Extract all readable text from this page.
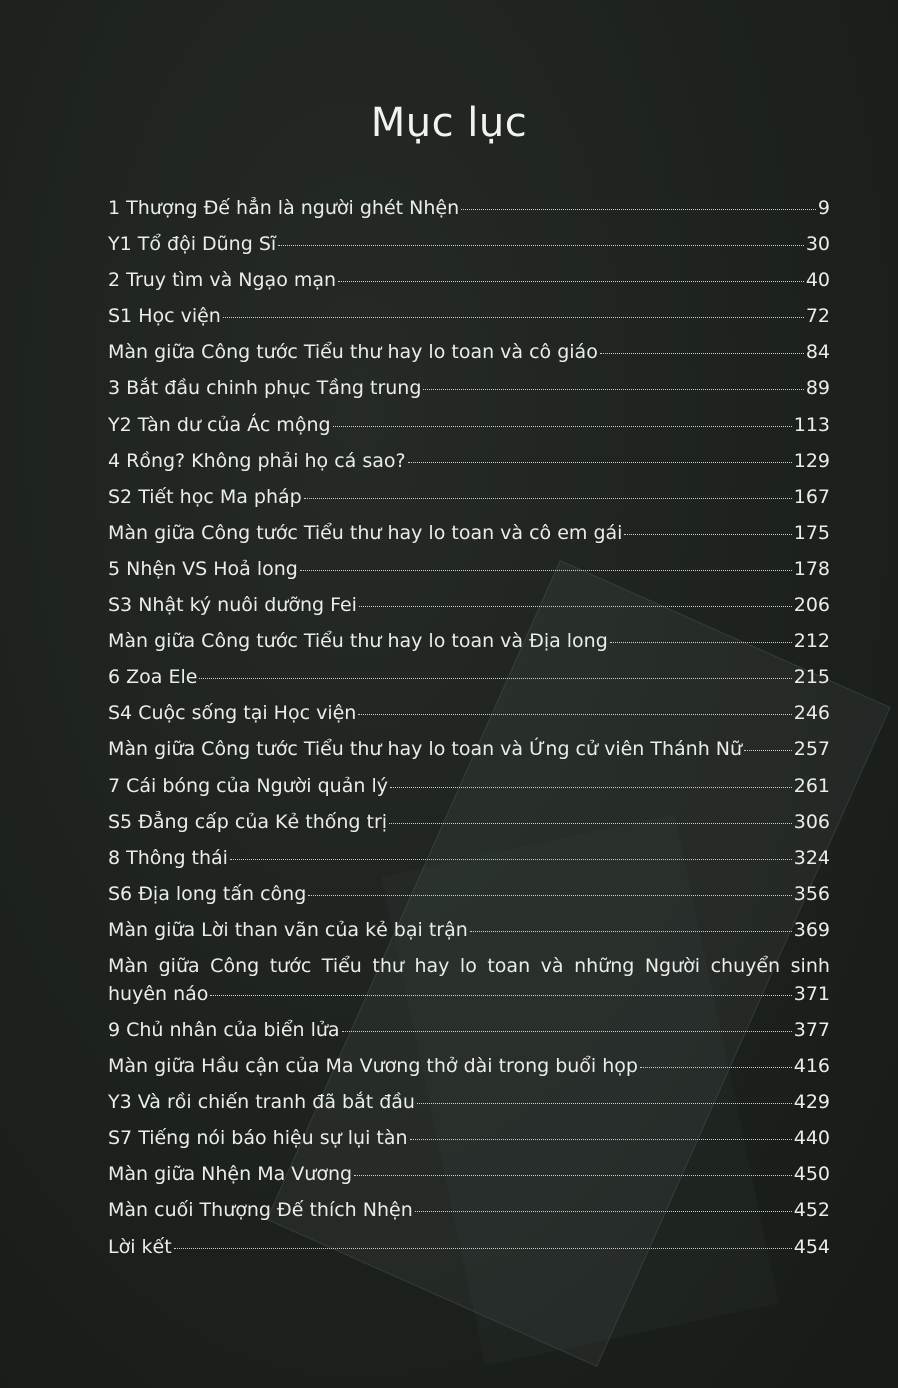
Mục lục
1 Thượng Đế hẳn là người ghét Nhện	9
Y1 Tổ đội Dũng Sĩ	30
2 Truy tìm và Ngạo mạn	40
S1 Học viện	72
Màn giữa Công tước Tiểu thư hay lo toan và cô giáo	84
3 Bắt đầu chinh phục Tầng trung	89
Y2 Tàn dư của Ác mộng	113
4 Rồng? Không phải họ cá sao?	129
S2 Tiết học Ma pháp	167
Màn giữa Công tước Tiểu thư hay lo toan và cô em gái	175
5 Nhện VS Hoả long	178
S3 Nhật ký nuôi dưỡng Fei	206
Màn giữa Công tước Tiểu thư hay lo toan và Địa long	212
6 Zoa Ele	215
S4 Cuộc sống tại Học viện	246
Màn giữa Công tước Tiểu thư hay lo toan và Ứng cử viên Thánh Nữ	257
7 Cái bóng của Người quản lý	261
S5 Đẳng cấp của Kẻ thống trị	306
8 Thông thái	324
S6 Địa long tấn công	356
Màn giữa Lời than vãn của kẻ bại trận	369
Màn giữa Công tước Tiểu thư hay lo toan và những Người chuyển sinh
huyên náo	371
9 Chủ nhân của biển lửa	377
Màn giữa Hầu cận của Ma Vương thở dài trong buổi họp	416
Y3 Và rồi chiến tranh đã bắt đầu	429
S7 Tiếng nói báo hiệu sự lụi tàn	440
Màn giữa Nhện Ma Vương	450
Màn cuối Thượng Đế thích Nhện	452
Lời kết	454
